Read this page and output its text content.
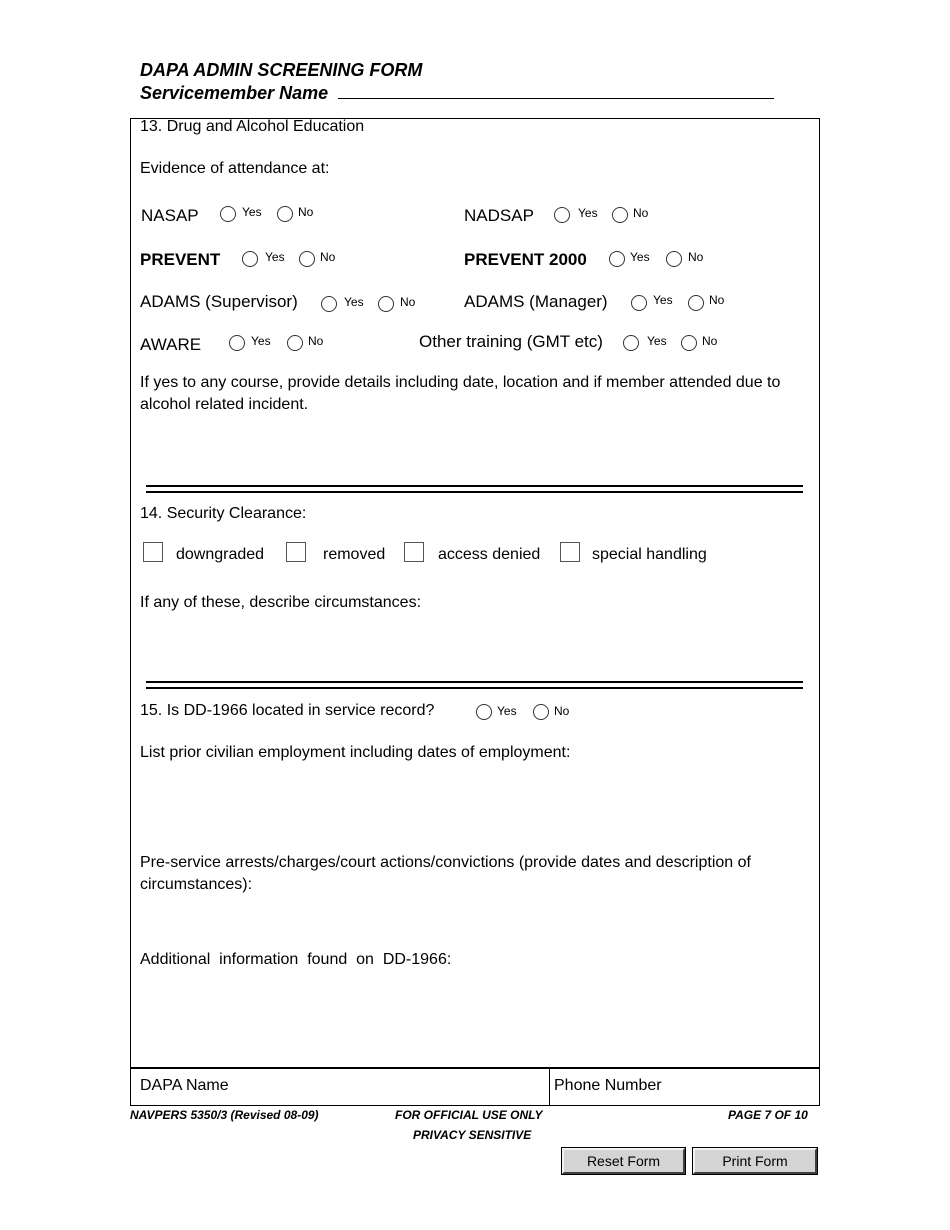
DAPA ADMIN SCREENING FORM
Servicemember Name
13. Drug and Alcohol Education
Evidence of attendance at:
NASAP	Yes	No	NADSAP	Yes	No
PREVENT	Yes	No	PREVENT 2000	Yes	No
ADAMS (Supervisor)	Yes	No	ADAMS (Manager)	Yes	No
AWARE	Yes	No	Other training (GMT etc)	Yes	No
If yes to any course, provide details including date, location and if member attended due to alcohol related incident.
14. Security Clearance:
downgraded	removed	access denied	special handling
If any of these, describe circumstances:
15. Is DD-1966 located in service record?	Yes	No
List prior civilian employment including dates of employment:
Pre-service arrests/charges/court actions/convictions (provide dates and description of circumstances):
Additional  information  found  on  DD-1966:
DAPA Name	Phone Number
NAVPERS 5350/3 (Revised 08-09)	FOR OFFICIAL USE ONLY
PRIVACY SENSITIVE
PAGE 7 OF 10
Reset Form	Print Form
